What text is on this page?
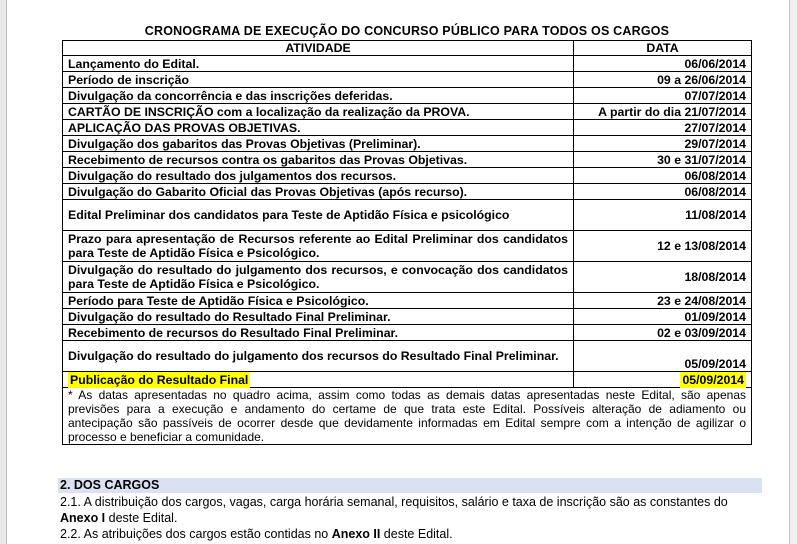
CRONOGRAMA DE EXECUÇÃO DO CONCURSO PÚBLICO PARA TODOS OS CARGOS
ATIVIDADE	DATA
Lançamento do Edital.	06/06/2014
Período de inscrição	09 a 26/06/2014
Divulgação da concorrência e das inscrições deferidas.	07/07/2014
CARTÃO DE INSCRIÇÃO com a localização da realização da PROVA.	A partir do dia 21/07/2014
APLICAÇÃO DAS PROVAS OBJETIVAS.	27/07/2014
Divulgação dos gabaritos das Provas Objetivas (Preliminar).	29/07/2014
Recebimento de recursos contra os gabaritos das Provas Objetivas.	30 e 31/07/2014
Divulgação do resultado dos julgamentos dos recursos.	06/08/2014
Divulgação do Gabarito Oficial das Provas Objetivas (após recurso).	06/08/2014
Edital Preliminar dos candidatos para Teste de Aptidão Física e psicológico	11/08/2014
Prazo para apresentação de Recursos referente ao Edital Preliminar dos candidatos para Teste de Aptidão Física e Psicológico.	12 e 13/08/2014
Divulgação do resultado do julgamento dos recursos, e convocação dos candidatos para Teste de Aptidão Física e Psicológico.	18/08/2014
Período para Teste de Aptidão Física e Psicológico.	23 e 24/08/2014
Divulgação do resultado do Resultado Final Preliminar.	01/09/2014
Recebimento de recursos do Resultado Final Preliminar.	02 e 03/09/2014
Divulgação do resultado do julgamento dos recursos do Resultado Final Preliminar.	05/09/2014
Publicação do Resultado Final	05/09/2014
* As datas apresentadas no quadro acima, assim como todas as demais datas apresentadas neste Edital, são apenas previsões para a execução e andamento do certame de que trata este Edital. Possíveis alteração de adiamento ou antecipação são passíveis de ocorrer desde que devidamente informadas em Edital sempre com a intenção de agilizar o processo e beneficiar a comunidade.	
2. DOS CARGOS
2.1. A distribuição dos cargos, vagas, carga horária semanal, requisitos, salário e taxa de inscrição são as constantes do Anexo I deste Edital.
2.2. As atribuições dos cargos estão contidas no Anexo II deste Edital.
